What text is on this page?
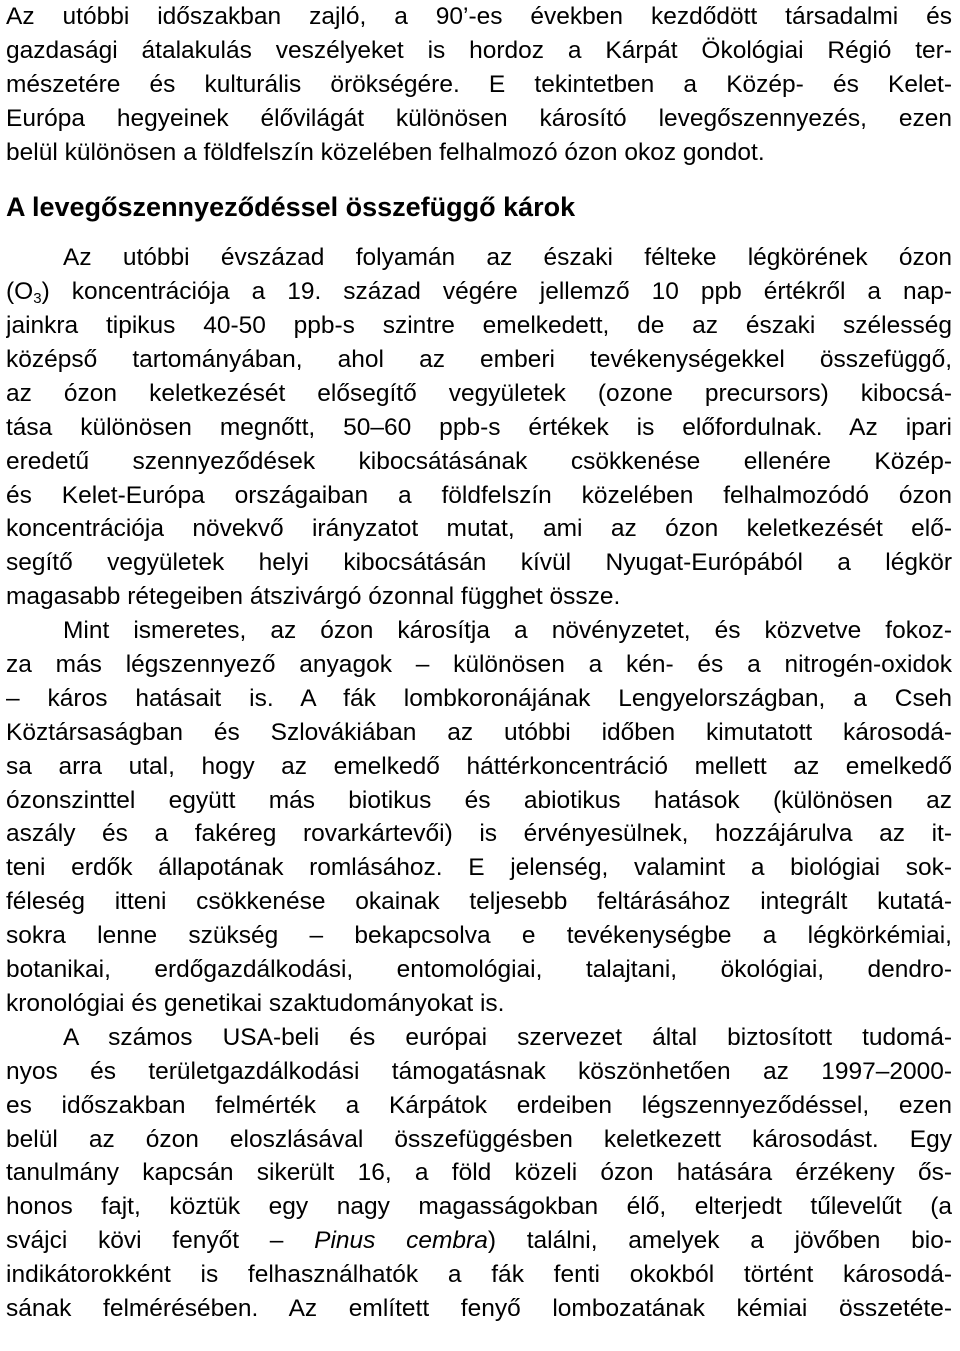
Az utóbbi időszakban zajló, a 90’-es években kezdődött társadalmi és
gazdasági átalakulás veszélyeket is hordoz a Kárpát Ökológiai Régió ter-
mészetére és kulturális örökségére. E tekintetben a Közép- és Kelet-
Európa hegyeinek élővilágát különösen károsító levegőszennyezés, ezen
belül különösen a földfelszín közelében felhalmozó ózon okoz gondot.
A levegőszennyeződéssel összefüggő károk
Az utóbbi évszázad folyamán az északi félteke légkörének ózon
$(O_3)$ koncentrációja a 19. század végére jellemző 10 ppb értékről a nap-
jainkra tipikus 40-50 ppb-s szintre emelkedett, de az északi szélesség
középső tartományában, ahol az emberi tevékenységekkel összefüggő,
az ózon keletkezését elősegítő vegyületek (ozone precursors) kibocsá-
tása különösen megnőtt, 50–60 ppb-s értékek is előfordulnak. Az ipari
eredetű szennyeződések kibocsátásának csökkenése ellenére Közép-
és Kelet-Európa országaiban a földfelszín közelében felhalmozódó ózon
koncentrációja növekvő irányzatot mutat, ami az ózon keletkezését elő-
segítő vegyületek helyi kibocsátásán kívül Nyugat-Európából a légkör
magasabb rétegeiben átszivárgó ózonnal függhet össze.
Mint ismeretes, az ózon károsítja a növényzetet, és közvetve fokoz-
za más légszennyező anyagok – különösen a kén- és a nitrogén-oxidok
– káros hatásait is. A fák lombkoronájának Lengyelországban, a Cseh
Köztársaságban és Szlovákiában az utóbbi időben kimutatott károsodá-
sa arra utal, hogy az emelkedő háttérkoncentráció mellett az emelkedő
ózonszinttel együtt más biotikus és abiotikus hatások (különösen az
aszály és a fakéreg rovarkártevői) is érvényesülnek, hozzájárulva az it-
teni erdők állapotának romlásához. E jelenség, valamint a biológiai sok-
féleség itteni csökkenése okainak teljesebb feltárásához integrált kutatá-
sokra lenne szükség – bekapcsolva e tevékenységbe a légkörkémiai,
botanikai, erdőgazdálkodási, entomológiai, talajtani, ökológiai, dendro-
kronológiai és genetikai szaktudományokat is.
A számos USA-beli és európai szervezet által biztosított tudomá-
nyos és területgazdálkodási támogatásnak köszönhetően az 1997–2000-
es időszakban felmérték a Kárpátok erdeiben légszennyeződéssel, ezen
belül az ózon eloszlásával összefüggésben keletkezett károsodást. Egy
tanulmány kapcsán sikerült 16, a föld közeli ózon hatására érzékeny ős-
honos fajt, köztük egy nagy magasságokban élő, elterjedt tűlevelűt (a
svájci kövi fenyőt – Pinus cembra) találni, amelyek a jövőben bio-
indikátorokként is felhasználhatók a fák fenti okokból történt károsodá-
sának felmérésében. Az említett fenyő lombozatának kémiai összetéte-
